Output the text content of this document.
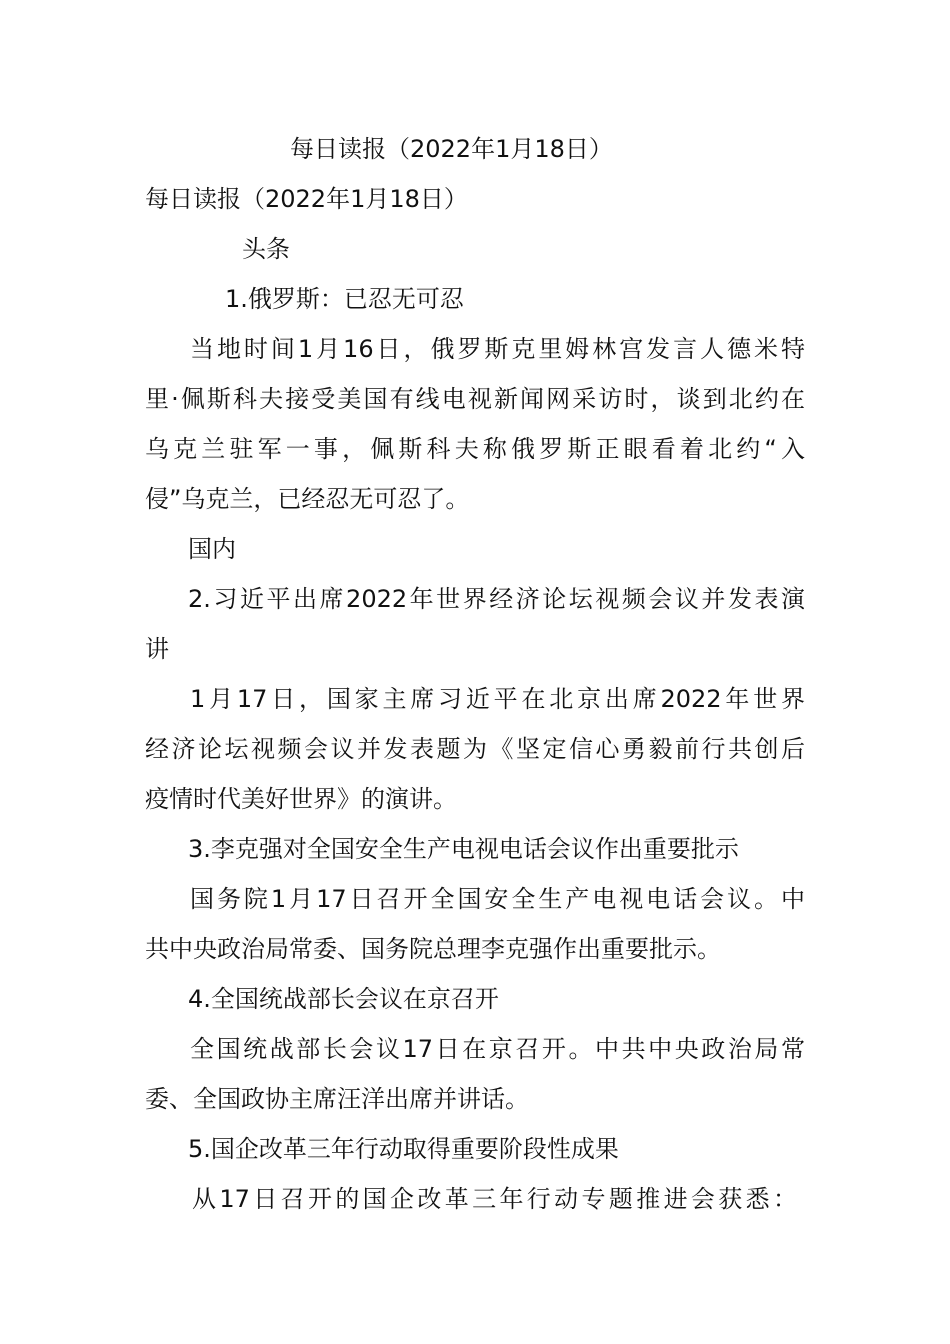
每日读报（2022年1月18日）

每日读报（2022年1月18日）

头条

1.俄罗斯：已忍无可忍

当地时间1月16日，俄罗斯克里姆林宫发言人德米特

里·佩斯科夫接受美国有线电视新闻网采访时，谈到北约在

乌克兰驻军一事，佩斯科夫称俄罗斯正眼看着北约“入

侵”乌克兰，已经忍无可忍了。

国内

2.习近平出席2022年世界经济论坛视频会议并发表演

讲

1月17日，国家主席习近平在北京出席2022年世界

经济论坛视频会议并发表题为《坚定信心勇毅前行共创后

疫情时代美好世界》的演讲。

3.李克强对全国安全生产电视电话会议作出重要批示

国务院1月17日召开全国安全生产电视电话会议。中

共中央政治局常委、国务院总理李克强作出重要批示。

4.全国统战部长会议在京召开

全国统战部长会议17日在京召开。中共中央政治局常

委、全国政协主席汪洋出席并讲话。

5.国企改革三年行动取得重要阶段性成果

从17日召开的国企改革三年行动专题推进会获悉：
